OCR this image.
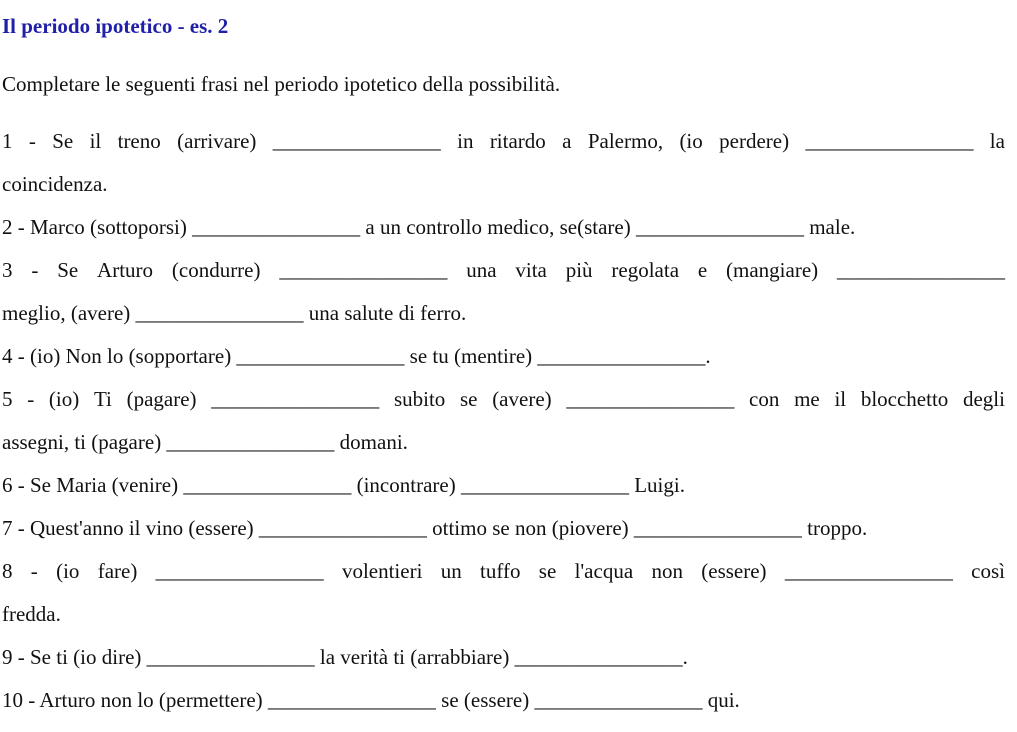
Il periodo ipotetico - es. 2

Completare le seguenti frasi nel periodo ipotetico della possibilità.

1 - Se il treno (arrivare) ________________ in ritardo a Palermo, (io perdere) ________________ la
coincidenza.
2 - Marco (sottoporsi) ________________ a un controllo medico, se(stare) ________________ male.
3 - Se Arturo (condurre) ________________ una vita più regolata e (mangiare) ________________
meglio, (avere) ________________ una salute di ferro.
4 - (io) Non lo (sopportare) ________________ se tu (mentire) ________________.
5 - (io) Ti (pagare) ________________ subito se (avere) ________________ con me il blocchetto degli
assegni, ti (pagare) ________________ domani.
6 - Se Maria (venire) ________________ (incontrare) ________________ Luigi.
7 - Quest'anno il vino (essere) ________________ ottimo se non (piovere) ________________ troppo.
8 - (io fare) ________________ volentieri un tuffo se l'acqua non (essere) ________________ così
fredda.
9 - Se ti (io dire) ________________ la verità ti (arrabbiare) ________________.
10 - Arturo non lo (permettere) ________________ se (essere) ________________ qui.
